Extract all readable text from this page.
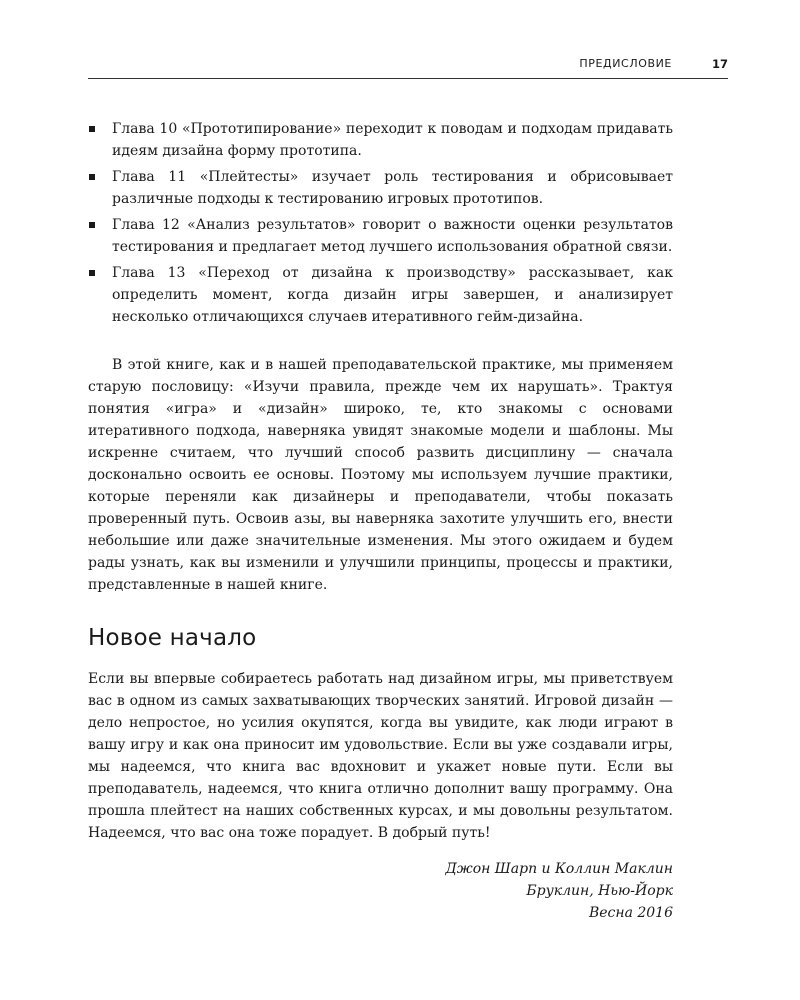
ПРЕДИСЛОВИЕ	17
Глава 10 «Прототипирование» переходит к поводам и подходам придавать идеям дизайна форму прототипа.
Глава 11 «Плейтесты» изучает роль тестирования и обрисовывает различные подходы к тестированию игровых прототипов.
Глава 12 «Анализ результатов» говорит о важности оценки результатов тестирования и предлагает метод лучшего использования обратной связи.
Глава 13 «Переход от дизайна к производству» рассказывает, как определить момент, когда дизайн игры завершен, и анализирует несколько отличающихся случаев итеративного гейм-дизайна.

В этой книге, как и в нашей преподавательской практике, мы применяем старую пословицу: «Изучи правила, прежде чем их нарушать». Трактуя понятия «игра» и «дизайн» широко, те, кто знакомы с основами итеративного подхода, наверняка увидят знакомые модели и шаблоны. Мы искренне считаем, что лучший способ развить дисциплину — сначала досконально освоить ее основы. Поэтому мы используем лучшие практики, которые переняли как дизайнеры и преподаватели, чтобы показать проверенный путь. Освоив азы, вы наверняка захотите улучшить его, внести небольшие или даже значительные изменения. Мы этого ожидаем и будем рады узнать, как вы изменили и улучшили принципы, процессы и практики, представленные в нашей книге.

Новое начало

Если вы впервые собираетесь работать над дизайном игры, мы приветствуем вас в одном из самых захватывающих творческих занятий. Игровой дизайн — дело непростое, но усилия окупятся, когда вы увидите, как люди играют в вашу игру и как она приносит им удовольствие. Если вы уже создавали игры, мы надеемся, что книга вас вдохновит и укажет новые пути. Если вы преподаватель, надеемся, что книга отлично дополнит вашу программу. Она прошла плейтест на наших собственных курсах, и мы довольны результатом. Надеемся, что вас она тоже порадует. В добрый путь!

Джон Шарп и Коллин Маклин
Бруклин, Нью-Йорк
Весна 2016
